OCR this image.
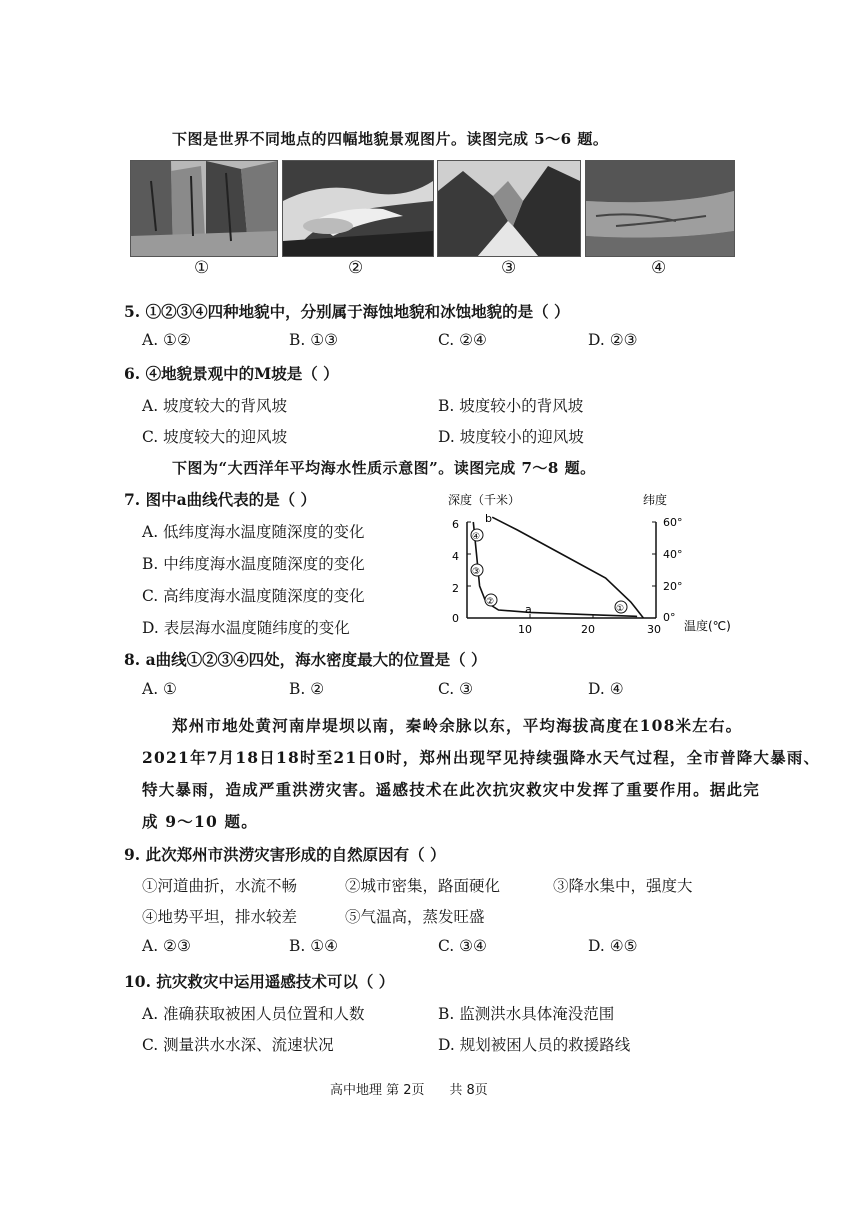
下图是世界不同地点的四幅地貌景观图片。读图完成 5～6 题。
①	②	③	④
5. ①②③④四种地貌中，分别属于海蚀地貌和冰蚀地貌的是（ ）
A. ①②	B. ①③	C. ②④	D. ②③
6. ④地貌景观中的M坡是（ ）
A. 坡度较大的背风坡	B. 坡度较小的背风坡
C. 坡度较大的迎风坡	D. 坡度较小的迎风坡
下图为“大西洋年平均海水性质示意图”。读图完成 7～8 题。
7. 图中a曲线代表的是（ ）
A. 低纬度海水温度随深度的变化
B. 中纬度海水温度随深度的变化
C. 高纬度海水温度随深度的变化
D. 表层海水温度随纬度的变化
深度（千米）	纬度
6
4
2
0
60°
40°
20°
0°
10	20	30 温度(℃)
a
b
①
②
③
④
8. a曲线①②③④四处，海水密度最大的位置是（ ）
A. ①	B. ②	C. ③	D. ④
郑州市地处黄河南岸堤坝以南，秦岭余脉以东，平均海拔高度在108米左右。
2021年7月18日18时至21日0时，郑州出现罕见持续强降水天气过程，全市普降大暴雨、
特大暴雨，造成严重洪涝灾害。遥感技术在此次抗灾救灾中发挥了重要作用。据此完
成 9～10 题。
9. 此次郑州市洪涝灾害形成的自然原因有（ ）
①河道曲折，水流不畅	②城市密集，路面硬化	③降水集中，强度大
④地势平坦，排水较差	⑤气温高，蒸发旺盛
A. ②③	B. ①④	C. ③④	D. ④⑤
10. 抗灾救灾中运用遥感技术可以（ ）
A. 准确获取被困人员位置和人数	B. 监测洪水具体淹没范围
C. 测量洪水水深、流速状况	D. 规划被困人员的救援路线
高中地理 第 2页      共 8页
